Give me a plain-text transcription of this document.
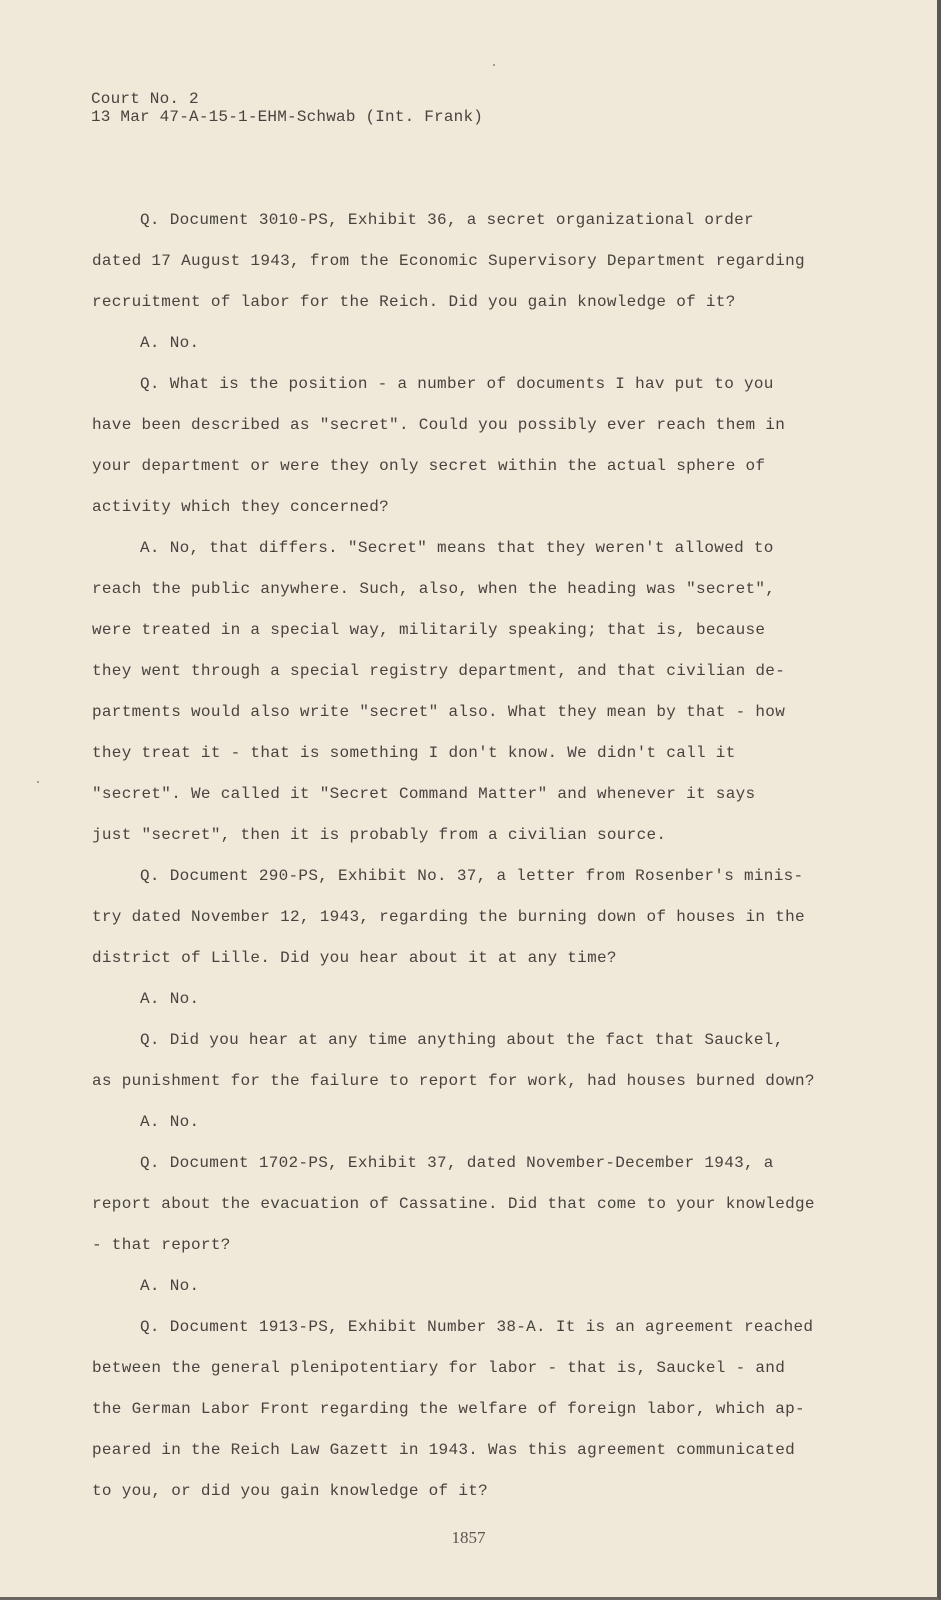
Court No. 2
13 Mar 47-A-15-1-EHM-Schwab (Int. Frank)
Q. Document 3010-PS, Exhibit 36, a secret organizational order
dated 17 August 1943, from the Economic Supervisory Department regarding
recruitment of labor for the Reich. Did you gain knowledge of it?
A. No.
Q. What is the position - a number of documents I hav put to you
have been described as "secret". Could you possibly ever reach them in
your department or were they only secret within the actual sphere of
activity which they concerned?
A. No, that differs. "Secret" means that they weren't allowed to
reach the public anywhere. Such, also, when the heading was "secret",
were treated in a special way, militarily speaking; that is, because
they went through a special registry department, and that civilian de-
partments would also write "secret" also. What they mean by that - how
they treat it - that is something I don't know. We didn't call it
"secret". We called it "Secret Command Matter" and whenever it says
just "secret", then it is probably from a civilian source.
Q. Document 290-PS, Exhibit No. 37, a letter from Rosenber's minis-
try dated November 12, 1943, regarding the burning down of houses in the
district of Lille. Did you hear about it at any time?
A. No.
Q. Did you hear at any time anything about the fact that Sauckel,
as punishment for the failure to report for work, had houses burned down?
A. No.
Q. Document 1702-PS, Exhibit 37, dated November-December 1943, a
report about the evacuation of Cassatine. Did that come to your knowledge
- that report?
A. No.
Q. Document 1913-PS, Exhibit Number 38-A. It is an agreement reached
between the general plenipotentiary for labor - that is, Sauckel - and
the German Labor Front regarding the welfare of foreign labor, which ap-
peared in the Reich Law Gazett in 1943. Was this agreement communicated
to you, or did you gain knowledge of it?
1857
